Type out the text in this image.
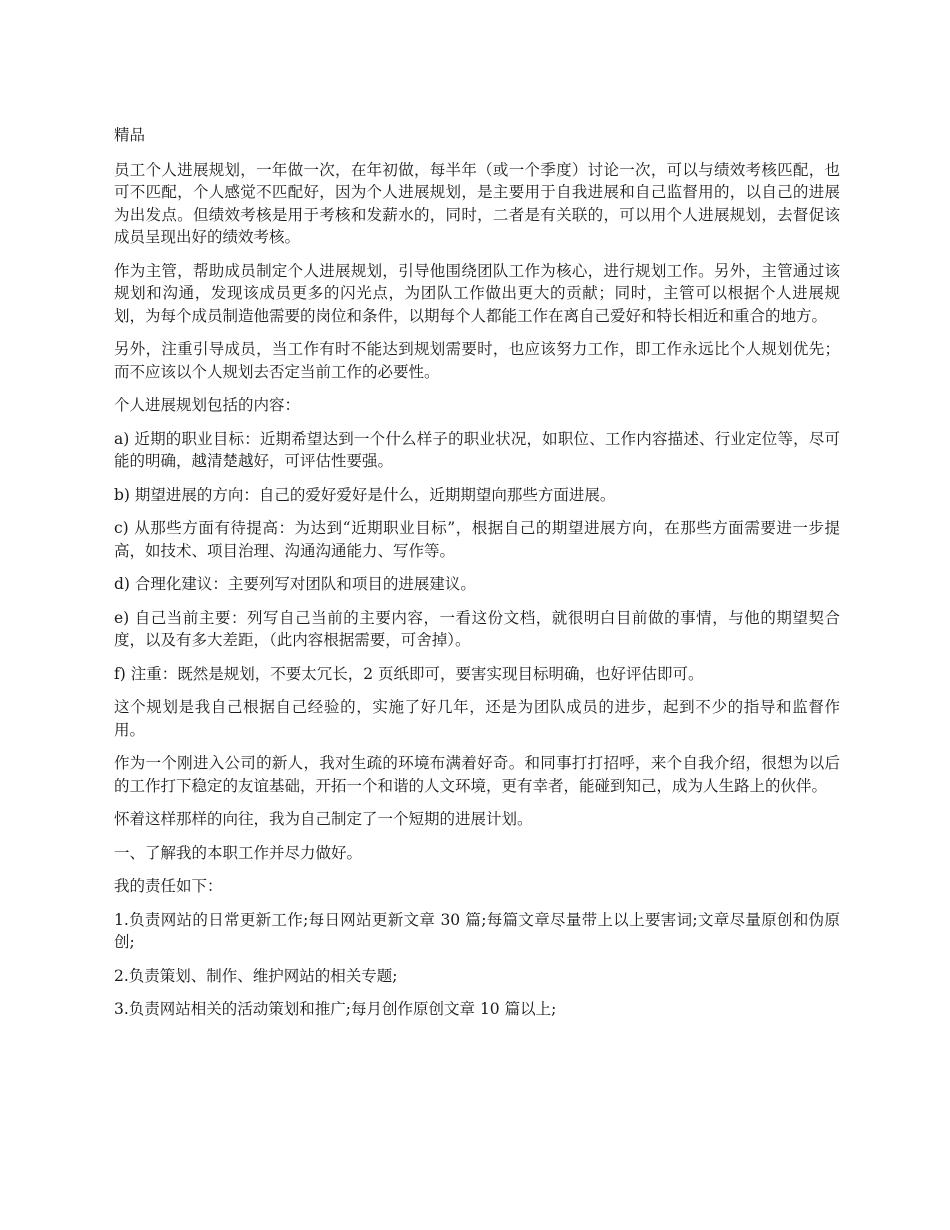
精品

员工个人进展规划，一年做一次，在年初做，每半年（或一个季度）讨论一次，可以与绩效考核匹配，也可不匹配，个人感觉不匹配好，因为个人进展规划，是主要用于自我进展和自己监督用的，以自己的进展为出发点。但绩效考核是用于考核和发薪水的，同时，二者是有关联的，可以用个人进展规划，去督促该成员呈现出好的绩效考核。

作为主管，帮助成员制定个人进展规划，引导他围绕团队工作为核心，进行规划工作。另外，主管通过该规划和沟通，发现该成员更多的闪光点，为团队工作做出更大的贡献；同时，主管可以根据个人进展规划，为每个成员制造他需要的岗位和条件，以期每个人都能工作在离自己爱好和特长相近和重合的地方。

另外，注重引导成员，当工作有时不能达到规划需要时，也应该努力工作，即工作永远比个人规划优先；而不应该以个人规划去否定当前工作的必要性。

个人进展规划包括的内容：

a) 近期的职业目标：近期希望达到一个什么样子的职业状况，如职位、工作内容描述、行业定位等，尽可能的明确，越清楚越好，可评估性要强。

b) 期望进展的方向：自己的爱好爱好是什么，近期期望向那些方面进展。

c) 从那些方面有待提高：为达到“近期职业目标”，根据自己的期望进展方向，在那些方面需要进一步提高，如技术、项目治理、沟通沟通能力、写作等。

d) 合理化建议：主要列写对团队和项目的进展建议。

e) 自己当前主要：列写自己当前的主要内容，一看这份文档，就很明白目前做的事情，与他的期望契合度，以及有多大差距，（此内容根据需要，可舍掉）。

f) 注重：既然是规划，不要太冗长，2 页纸即可，要害实现目标明确，也好评估即可。

这个规划是我自己根据自己经验的，实施了好几年，还是为团队成员的进步，起到不少的指导和监督作用。

作为一个刚进入公司的新人，我对生疏的环境布满着好奇。和同事打打招呼，来个自我介绍，很想为以后的工作打下稳定的友谊基础，开拓一个和谐的人文环境，更有幸者，能碰到知己，成为人生路上的伙伴。

怀着这样那样的向往，我为自己制定了一个短期的进展计划。

一、了解我的本职工作并尽力做好。

我的责任如下：

1.负责网站的日常更新工作;每日网站更新文章 30 篇;每篇文章尽量带上以上要害词;文章尽量原创和伪原创;

2.负责策划、制作、维护网站的相关专题;

3.负责网站相关的活动策划和推广;每月创作原创文章 10 篇以上;
